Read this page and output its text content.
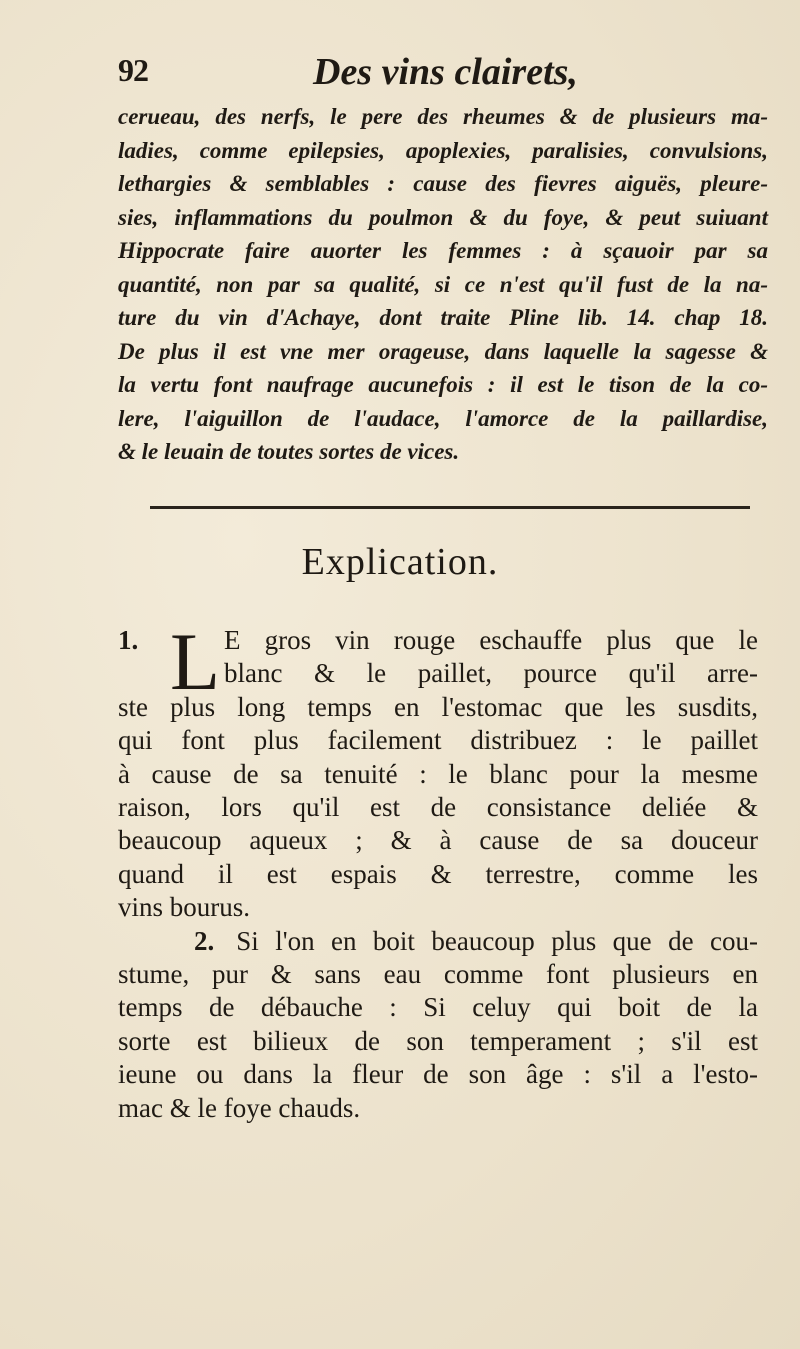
92	Des vins clairets,
cerueau, des nerfs, le pere des rheumes & de plusieurs ma-
ladies, comme epilepsies, apoplexies, paralisies, convulsions,
lethargies & semblables : cause des fievres aiguës, pleure-
sies, inflammations du poulmon & du foye, & peut suiuant
Hippocrate faire auorter les femmes : à sçauoir par sa
quantité, non par sa qualité, si ce n'est qu'il fust de la na-
ture du vin d'Achaye, dont traite Pline lib. 14. chap 18.
De plus il est vne mer orageuse, dans laquelle la sagesse &
la vertu font naufrage aucunefois : il est le tison de la co-
lere, l'aiguillon de l'audace, l'amorce de la paillardise,
& le leuain de toutes sortes de vices.
Explication.
1. L E gros vin rouge eschauffe plus que le
blanc & le paillet, pource qu'il arre-
ste plus long temps en l'estomac que les susdits,
qui font plus facilement distribuez : le paillet
à cause de sa tenuité : le blanc pour la mesme
raison, lors qu'il est de consistance deliée &
beaucoup aqueux ; & à cause de sa douceur
quand il est espais & terrestre, comme les
vins bourus.
2. Si l'on en boit beaucoup plus que de cou-
stume, pur & sans eau comme font plusieurs en
temps de débauche : Si celuy qui boit de la
sorte est bilieux de son temperament ; s'il est
ieune ou dans la fleur de son âge : s'il a l'esto-
mac & le foye chauds.
